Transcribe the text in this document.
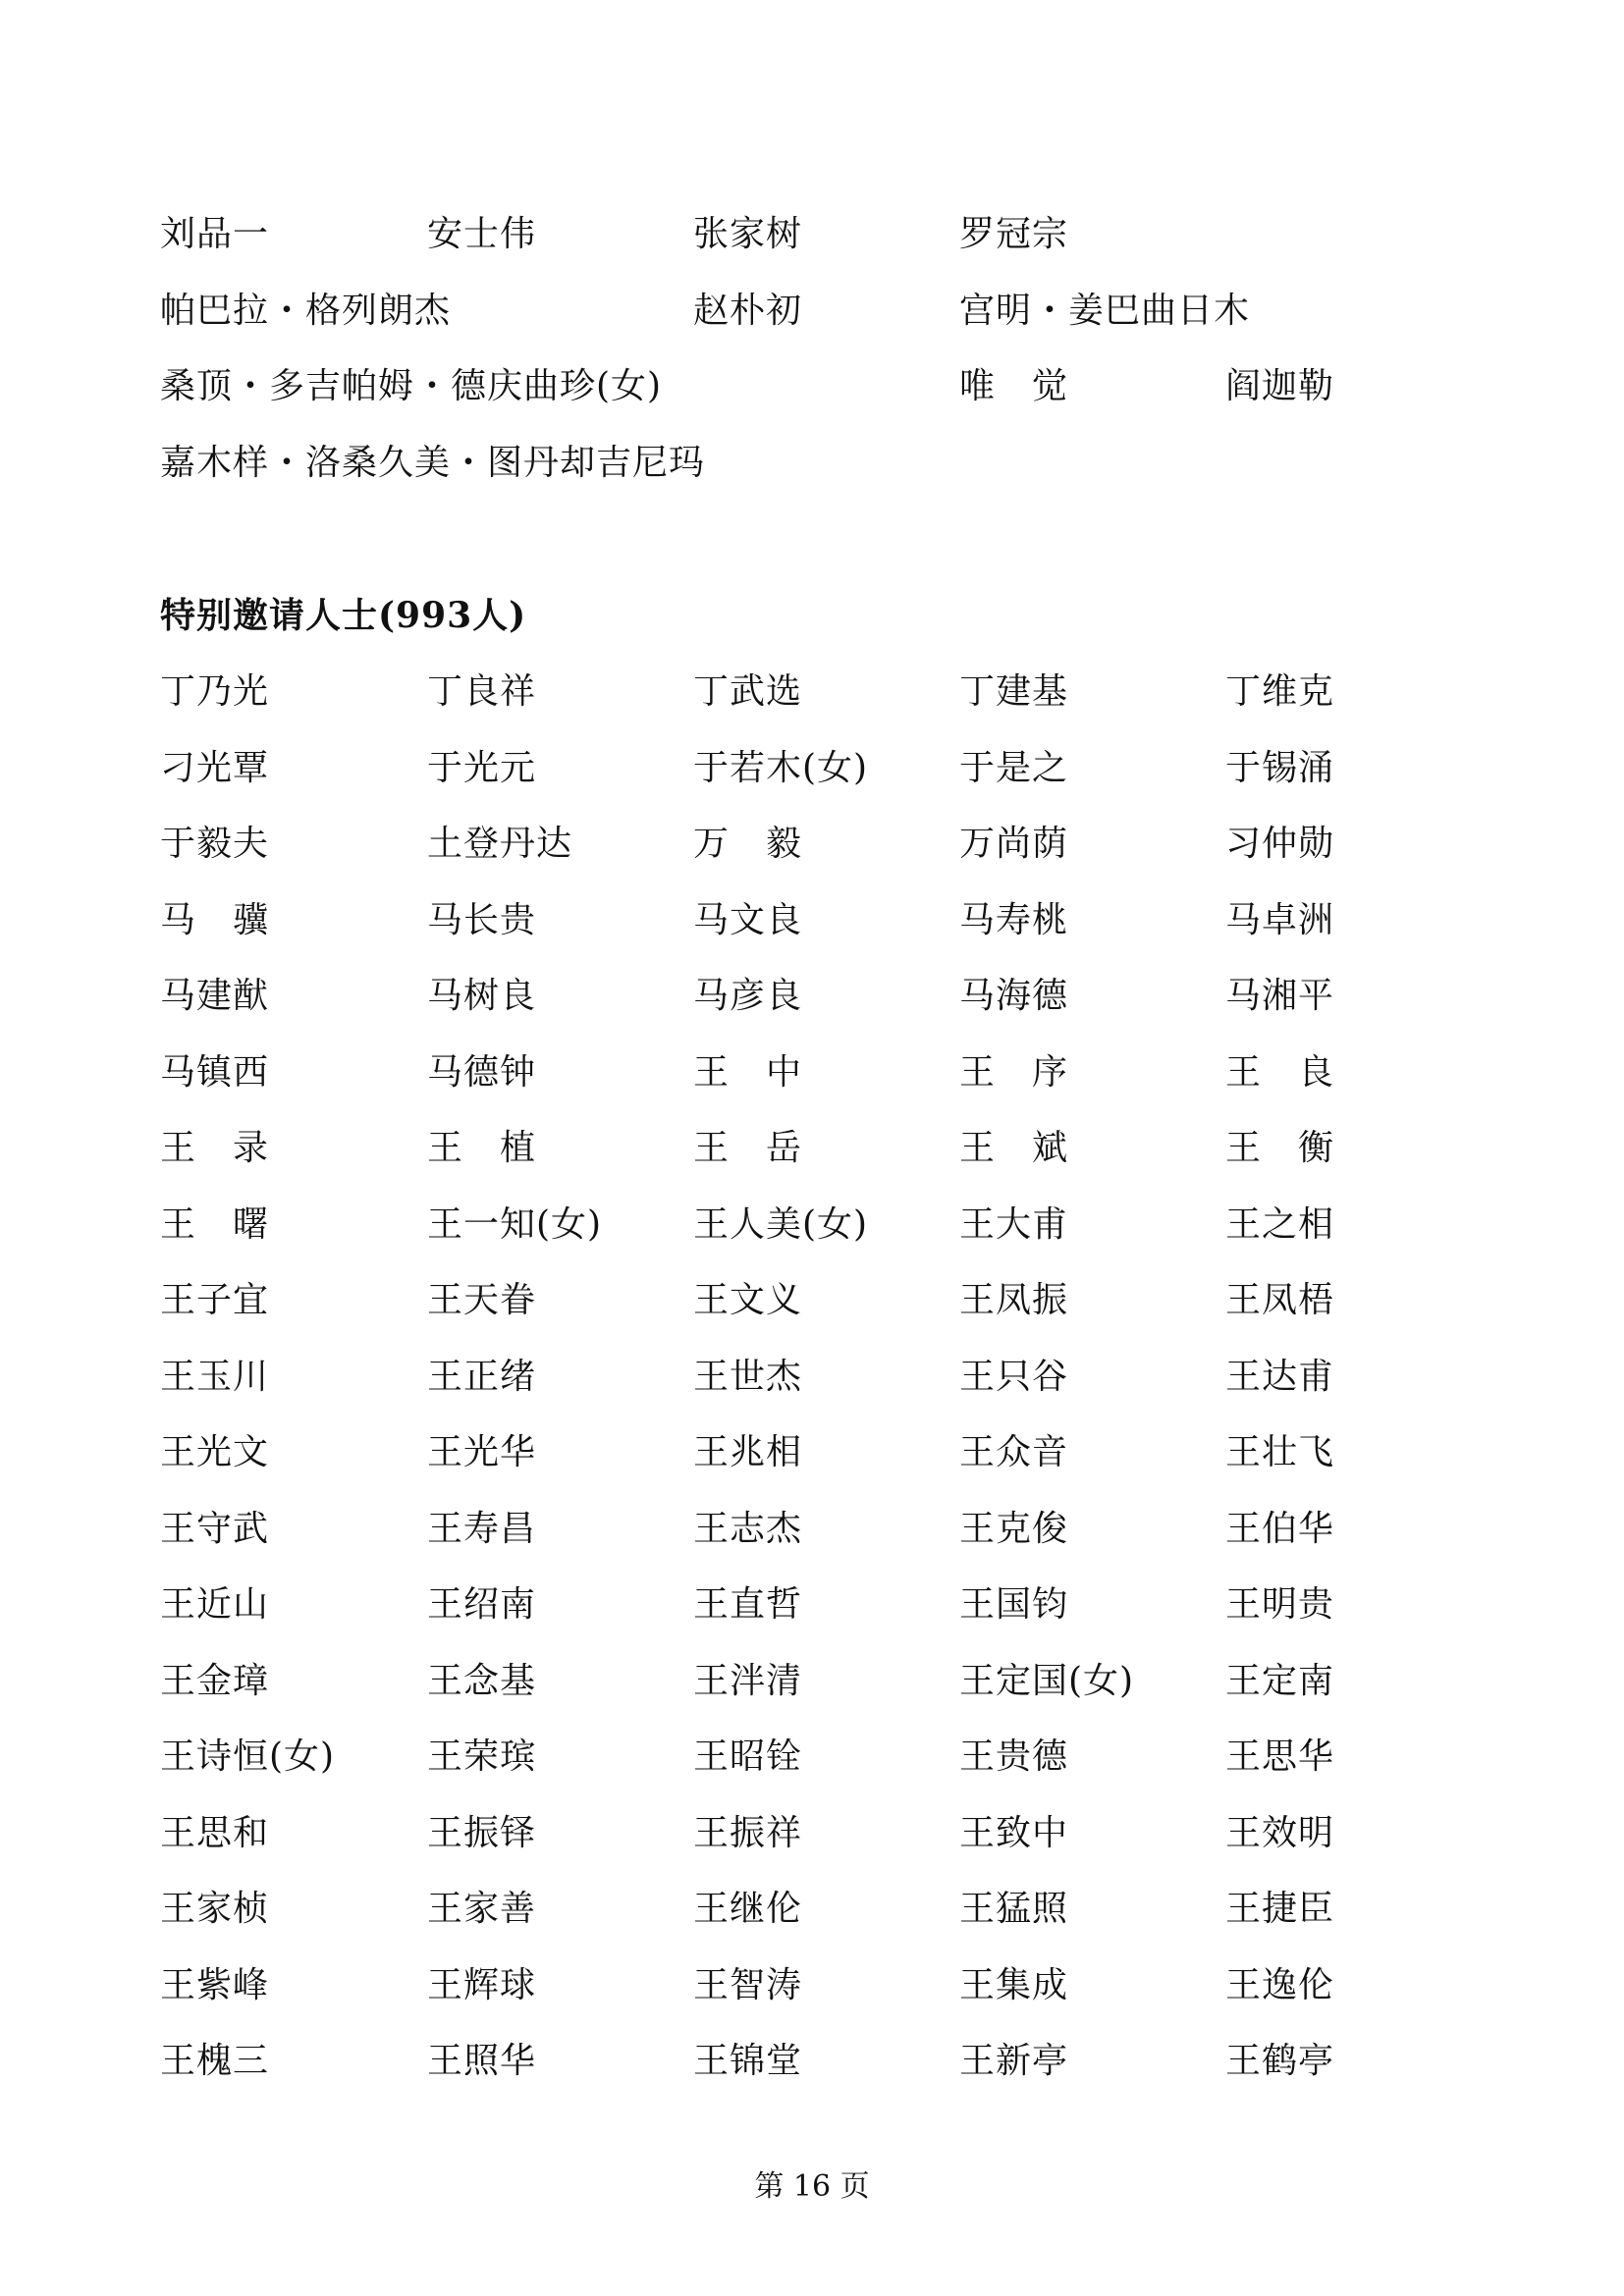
刘品一	安士伟	张家树	罗冠宗
帕巴拉・格列朗杰	赵朴初	宫明・姜巴曲日木
桑顶・多吉帕姆・德庆曲珍(女)	唯　觉	阎迦勒
嘉木样・洛桑久美・图丹却吉尼玛
特别邀请人士(993人)
丁乃光	丁良祥	丁武选	丁建基	丁维克
刁光覃	于光元	于若木(女)	于是之	于锡涌
于毅夫	土登丹达	万　毅	万尚荫	习仲勋
马　骥	马长贵	马文良	马寿桃	马卓洲
马建猷	马树良	马彦良	马海德	马湘平
马镇西	马德钟	王　中	王　序	王　良
王　录	王　植	王　岳	王　斌	王　衡
王　曙	王一知(女)	王人美(女)	王大甫	王之相
王子宜	王天眷	王文义	王凤振	王凤梧
王玉川	王正绪	王世杰	王只谷	王达甫
王光文	王光华	王兆相	王众音	王壮飞
王守武	王寿昌	王志杰	王克俊	王伯华
王近山	王绍南	王直哲	王国钧	王明贵
王金璋	王念基	王泮清	王定国(女)	王定南
王诗恒(女)	王荣瑸	王昭铨	王贵德	王思华
王思和	王振铎	王振祥	王致中	王效明
王家桢	王家善	王继伦	王猛照	王捷臣
王紫峰	王辉球	王智涛	王集成	王逸伦
王槐三	王照华	王锦堂	王新亭	王鹤亭
第 16 页
